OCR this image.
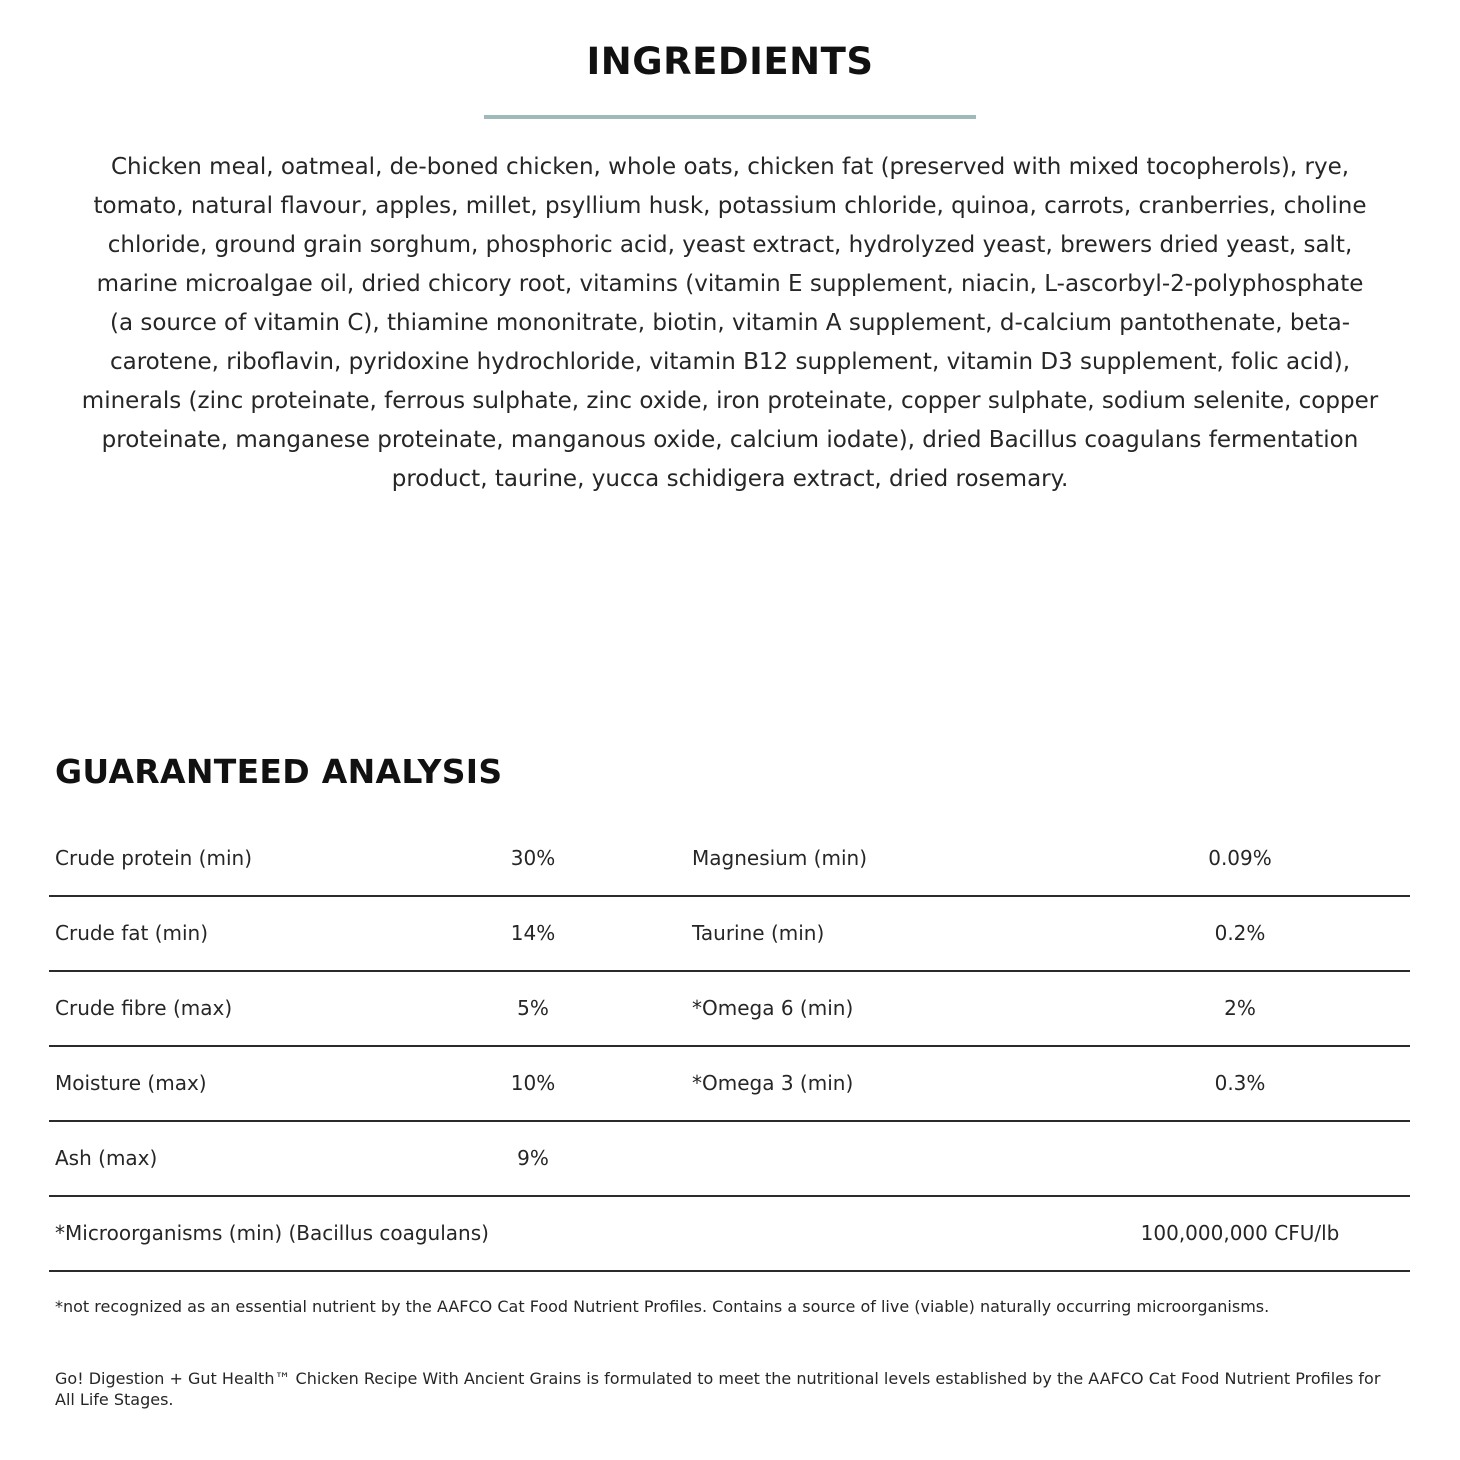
INGREDIENTS

Chicken meal, oatmeal, de-boned chicken, whole oats, chicken fat (preserved with mixed tocopherols), rye,
tomato, natural flavour, apples, millet, psyllium husk, potassium chloride, quinoa, carrots, cranberries, choline
chloride, ground grain sorghum, phosphoric acid, yeast extract, hydrolyzed yeast, brewers dried yeast, salt,
marine microalgae oil, dried chicory root, vitamins (vitamin E supplement, niacin, L-ascorbyl-2-polyphosphate
(a source of vitamin C), thiamine mononitrate, biotin, vitamin A supplement, d-calcium pantothenate, beta-
carotene, riboflavin, pyridoxine hydrochloride, vitamin B12 supplement, vitamin D3 supplement, folic acid),
minerals (zinc proteinate, ferrous sulphate, zinc oxide, iron proteinate, copper sulphate, sodium selenite, copper
proteinate, manganese proteinate, manganous oxide, calcium iodate), dried Bacillus coagulans fermentation
product, taurine, yucca schidigera extract, dried rosemary.

GUARANTEED ANALYSIS
Crude protein (min)	30%	Magnesium (min)	0.09%
Crude fat (min)	14%	Taurine (min)	0.2%
Crude fibre (max)	5%	*Omega 6 (min)	2%
Moisture (max)	10%	*Omega 3 (min)	0.3%
Ash (max)	9%
*Microorganisms (min) (Bacillus coagulans)	100,000,000 CFU/lb

*not recognized as an essential nutrient by the AAFCO Cat Food Nutrient Profiles. Contains a source of live (viable) naturally occurring microorganisms.

Go! Digestion + Gut Health™ Chicken Recipe With Ancient Grains is formulated to meet the nutritional levels established by the AAFCO Cat Food Nutrient Profiles for All Life Stages.
